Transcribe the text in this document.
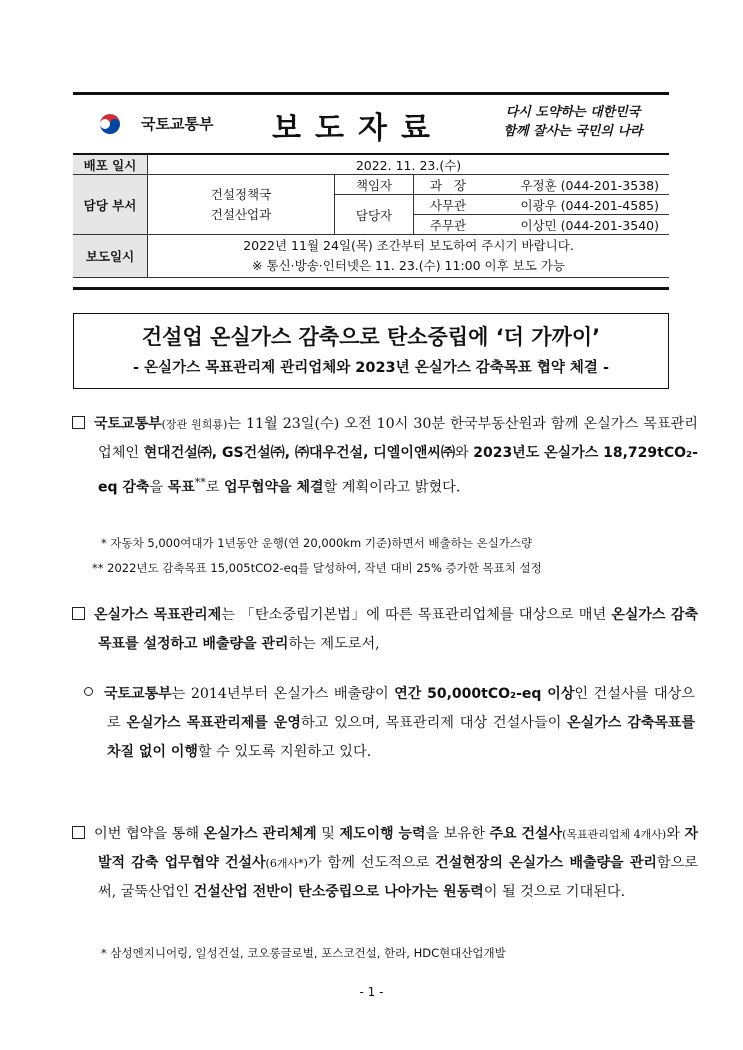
국토교통부	보도자료	다시 도약하는 대한민국
함께 잘사는 국민의 나라
배포 일시	2022. 11. 23.(수)			
담당 부서	건설정책국
건설산업과	책임자	과   장	우정훈 (044-201-3538)
		담당자	사무관	이광우 (044-201-4585)
			주무관	이상민 (044-201-3540)
보도일시	2022년 11월 24일(목) 조간부터 보도하여 주시기 바랍니다.
※ 통신·방송·인터넷은 11. 23.(수) 11:00 이후 보도 가능			
건설업 온실가스 감축으로 탄소중립에 ‘더 가까이’
- 온실가스 목표관리제 관리업체와 2023년 온실가스 감축목표 협약 체결 -
국토교통부(장관 원희룡)는 11월 23일(수) 오전 10시 30분 한국부동산원과 함께 온실가스 목표관리 업체인 현대건설㈜, GS건설㈜, ㈜대우건설, 디엘이앤씨㈜와 2023년도 온실가스 18,729tCO₂-eq 감축을 목표**로 업무협약을 체결할 계획이라고 밝혔다.
* 자동차 5,000여대가 1년동안 운행(연 20,000km 기준)하면서 배출하는 온실가스량
** 2022년도 감축목표 15,005tCO2-eq를 달성하여, 작년 대비 25% 증가한 목표치 설정
온실가스 목표관리제는 「탄소중립기본법」에 따른 목표관리업체를 대상으로 매년 온실가스 감축 목표를 설정하고 배출량을 관리하는 제도로서,
국토교통부는 2014년부터 온실가스 배출량이 연간 50,000tCO₂-eq 이상인 건설사를 대상으로 온실가스 목표관리제를 운영하고 있으며, 목표관리제 대상 건설사들이 온실가스 감축목표를 차질 없이 이행할 수 있도록 지원하고 있다.
이번 협약을 통해 온실가스 관리체계 및 제도이행 능력을 보유한 주요 건설사(목표관리업체 4개사)와 자발적 감축 업무협약 건설사(6개사*)가 함께 선도적으로 건설현장의 온실가스 배출량을 관리함으로써, 굴뚝산업인 건설산업 전반이 탄소중립으로 나아가는 원동력이 될 것으로 기대된다.
* 삼성엔지니어링, 일성건설, 코오롱글로벌, 포스코건설, 한라, HDC현대산업개발
- 1 -
